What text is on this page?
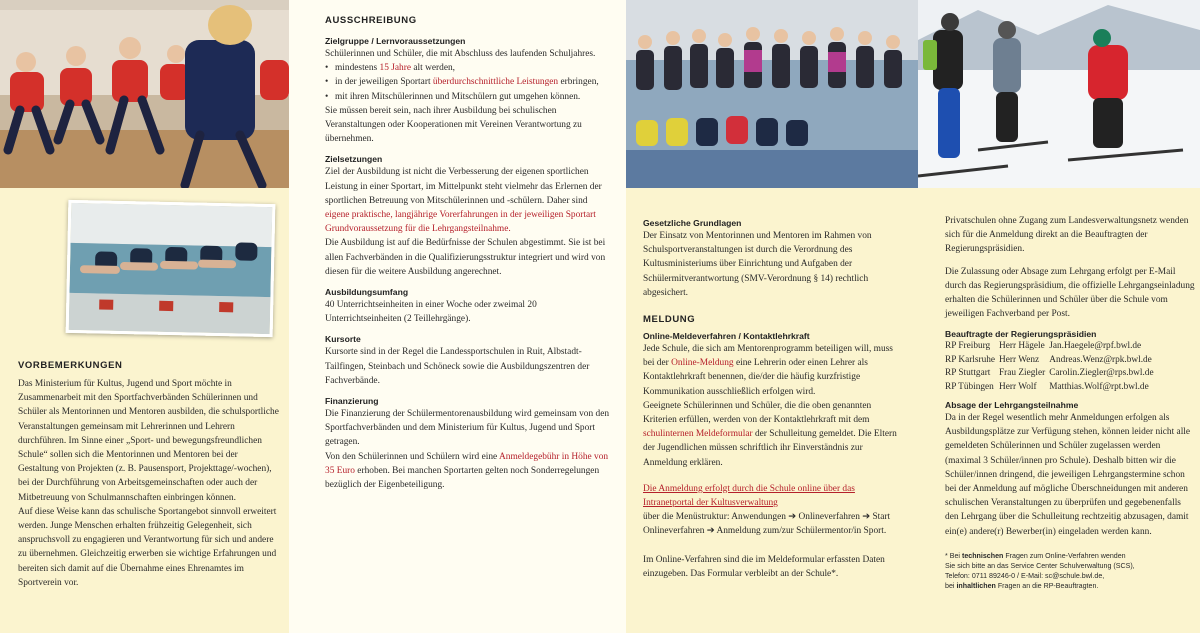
VORBEMERKUNGEN

Das Ministerium für Kultus, Jugend und Sport möchte in Zusammenarbeit mit den Sportfachverbänden Schülerinnen und Schüler als Mentorinnen und Mentoren ausbilden, die schulsportliche Veranstaltungen gemeinsam mit Lehrerinnen und Lehrern durchführen. Im Sinne einer „Sport- und bewegungsfreundlichen Schule“ sollen sich die Mentorinnen und Mentoren bei der Gestaltung von Projekten (z. B. Pausensport, Projekttage/-wochen), bei der Durchführung von Arbeitsgemeinschaften oder auch der Mitbetreuung von Schulmannschaften einbringen können.

Auf diese Weise kann das schulische Sportangebot sinnvoll erweitert werden. Junge Menschen erhalten frühzeitig Gelegenheit, sich anspruchsvoll zu engagieren und Verantwortung für sich und andere zu übernehmen. Gleichzeitig erwerben sie wichtige Erfahrungen und bereiten sich damit auf die Übernahme eines Ehrenamtes im Sportverein vor.

AUSSCHREIBUNG
Zielgruppe / Lernvoraussetzungen

Schülerinnen und Schüler, die mit Abschluss des laufenden Schuljahres.

• mindestens 15 Jahre alt werden,
• in der jeweiligen Sportart überdurchschnittliche Leistungen erbringen,
• mit ihren Mitschülerinnen und Mitschülern gut umgehen können.

Sie müssen bereit sein, nach ihrer Ausbildung bei schulischen Veranstaltungen oder Kooperationen mit Vereinen Verantwortung zu übernehmen.

Zielsetzungen

Ziel der Ausbildung ist nicht die Verbesserung der eigenen sportlichen Leistung in einer Sportart, im Mittelpunkt steht vielmehr das Erlernen der sportlichen Betreuung von Mitschülerinnen und -schülern. Daher sind eigene praktische, langjährige Vorerfahrungen in der jeweiligen Sportart Grundvoraussetzung für die Lehrgangsteilnahme.

Die Ausbildung ist auf die Bedürfnisse der Schulen abgestimmt. Sie ist bei allen Fachverbänden in die Qualifizierungsstruktur integriert und wird von diesen für die weitere Ausbildung angerechnet.

Ausbildungsumfang

40 Unterrichtseinheiten in einer Woche oder zweimal 20 Unterrichtseinheiten (2 Teillehrgänge).

Kursorte

Kursorte sind in der Regel die Landessportschulen in Ruit, Albstadt-Tailfingen, Steinbach und Schöneck sowie die Ausbildungszentren der Fachverbände.

Finanzierung

Die Finanzierung der Schülermentorenausbildung wird gemeinsam von den Sportfachverbänden und dem Ministerium für Kultus, Jugend und Sport getragen.

Von den Schülerinnen und Schülern wird eine Anmeldegebühr in Höhe von 35 Euro erhoben. Bei manchen Sportarten gelten noch Sonderregelungen bezüglich der Eigenbeteiligung.

Gesetzliche Grundlagen

Der Einsatz von Mentorinnen und Mentoren im Rahmen von Schulsportveranstaltungen ist durch die Verordnung des Kultusministeriums über Einrichtung und Aufgaben der Schülermitverantwortung (SMV-Verordnung § 14) rechtlich abgesichert.

MELDUNG
Online-Meldeverfahren / Kontaktlehrkraft

Jede Schule, die sich am Mentorenprogramm beteiligen will, muss bei der Online-Meldung eine Lehrerin oder einen Lehrer als Kontaktlehrkraft benennen, die/der die häufig kurzfristige Kommunikation ausschließlich erfolgen wird.

Geeignete Schülerinnen und Schüler, die die oben genannten Kriterien erfüllen, werden von der Kontaktlehrkraft mit dem schulinternen Meldeformular der Schulleitung gemeldet. Die Eltern der Jugendlichen müssen schriftlich ihr Einverständnis zur Anmeldung erklären.

Die Anmeldung erfolgt durch die Schule online über das Intranetportal der Kultusverwaltung

über die Menüstruktur: Anwendungen ➔ Onlineverfahren ➔ Start Onlineverfahren ➔ Anmeldung zum/zur Schülermentor/in Sport.

Im Online-Verfahren sind die im Meldeformular erfassten Daten einzugeben. Das Formular verbleibt an der Schule*.

Privatschulen ohne Zugang zum Landesverwaltungsnetz wenden sich für die Anmeldung direkt an die Beauftragten der Regierungspräsidien.

Die Zulassung oder Absage zum Lehrgang erfolgt per E-Mail durch das Regierungspräsidium, die offizielle Lehrgangseinladung erhalten die Schülerinnen und Schüler über die Schule vom jeweiligen Fachverband per Post.

Beauftragte der Regierungspräsidien
RP Freiburg	Herr Hägele	Jan.Haegele@rpf.bwl.de
RP Karlsruhe	Herr Wenz	Andreas.Wenz@rpk.bwl.de
RP Stuttgart	Frau Ziegler	Carolin.Ziegler@rps.bwl.de
RP Tübingen	Herr Wolf	Matthias.Wolf@rpt.bwl.de
Absage der Lehrgangsteilnahme

Da in der Regel wesentlich mehr Anmeldungen erfolgen als Ausbildungsplätze zur Verfügung stehen, können leider nicht alle gemeldeten Schülerinnen und Schüler zugelassen werden (maximal 3 Schüler/innen pro Schule). Deshalb bitten wir die Schüler/innen dringend, die jeweiligen Lehrgangstermine schon bei der Anmeldung auf mögliche Überschneidungen mit anderen schulischen Veranstaltungen zu überprüfen und gegebenenfalls den Lehrgang über die Schulleitung rechtzeitig abzusagen, damit ein(e) andere(r) Bewerber(in) eingeladen werden kann.

* Bei technischen Fragen zum Online-Verfahren wenden
Sie sich bitte an das Service Center Schulverwaltung (SCS),
Telefon: 0711 89246-0 / E-Mail: sc@schule.bwl.de,
bei inhaltlichen Fragen an die RP-Beauftragten.
